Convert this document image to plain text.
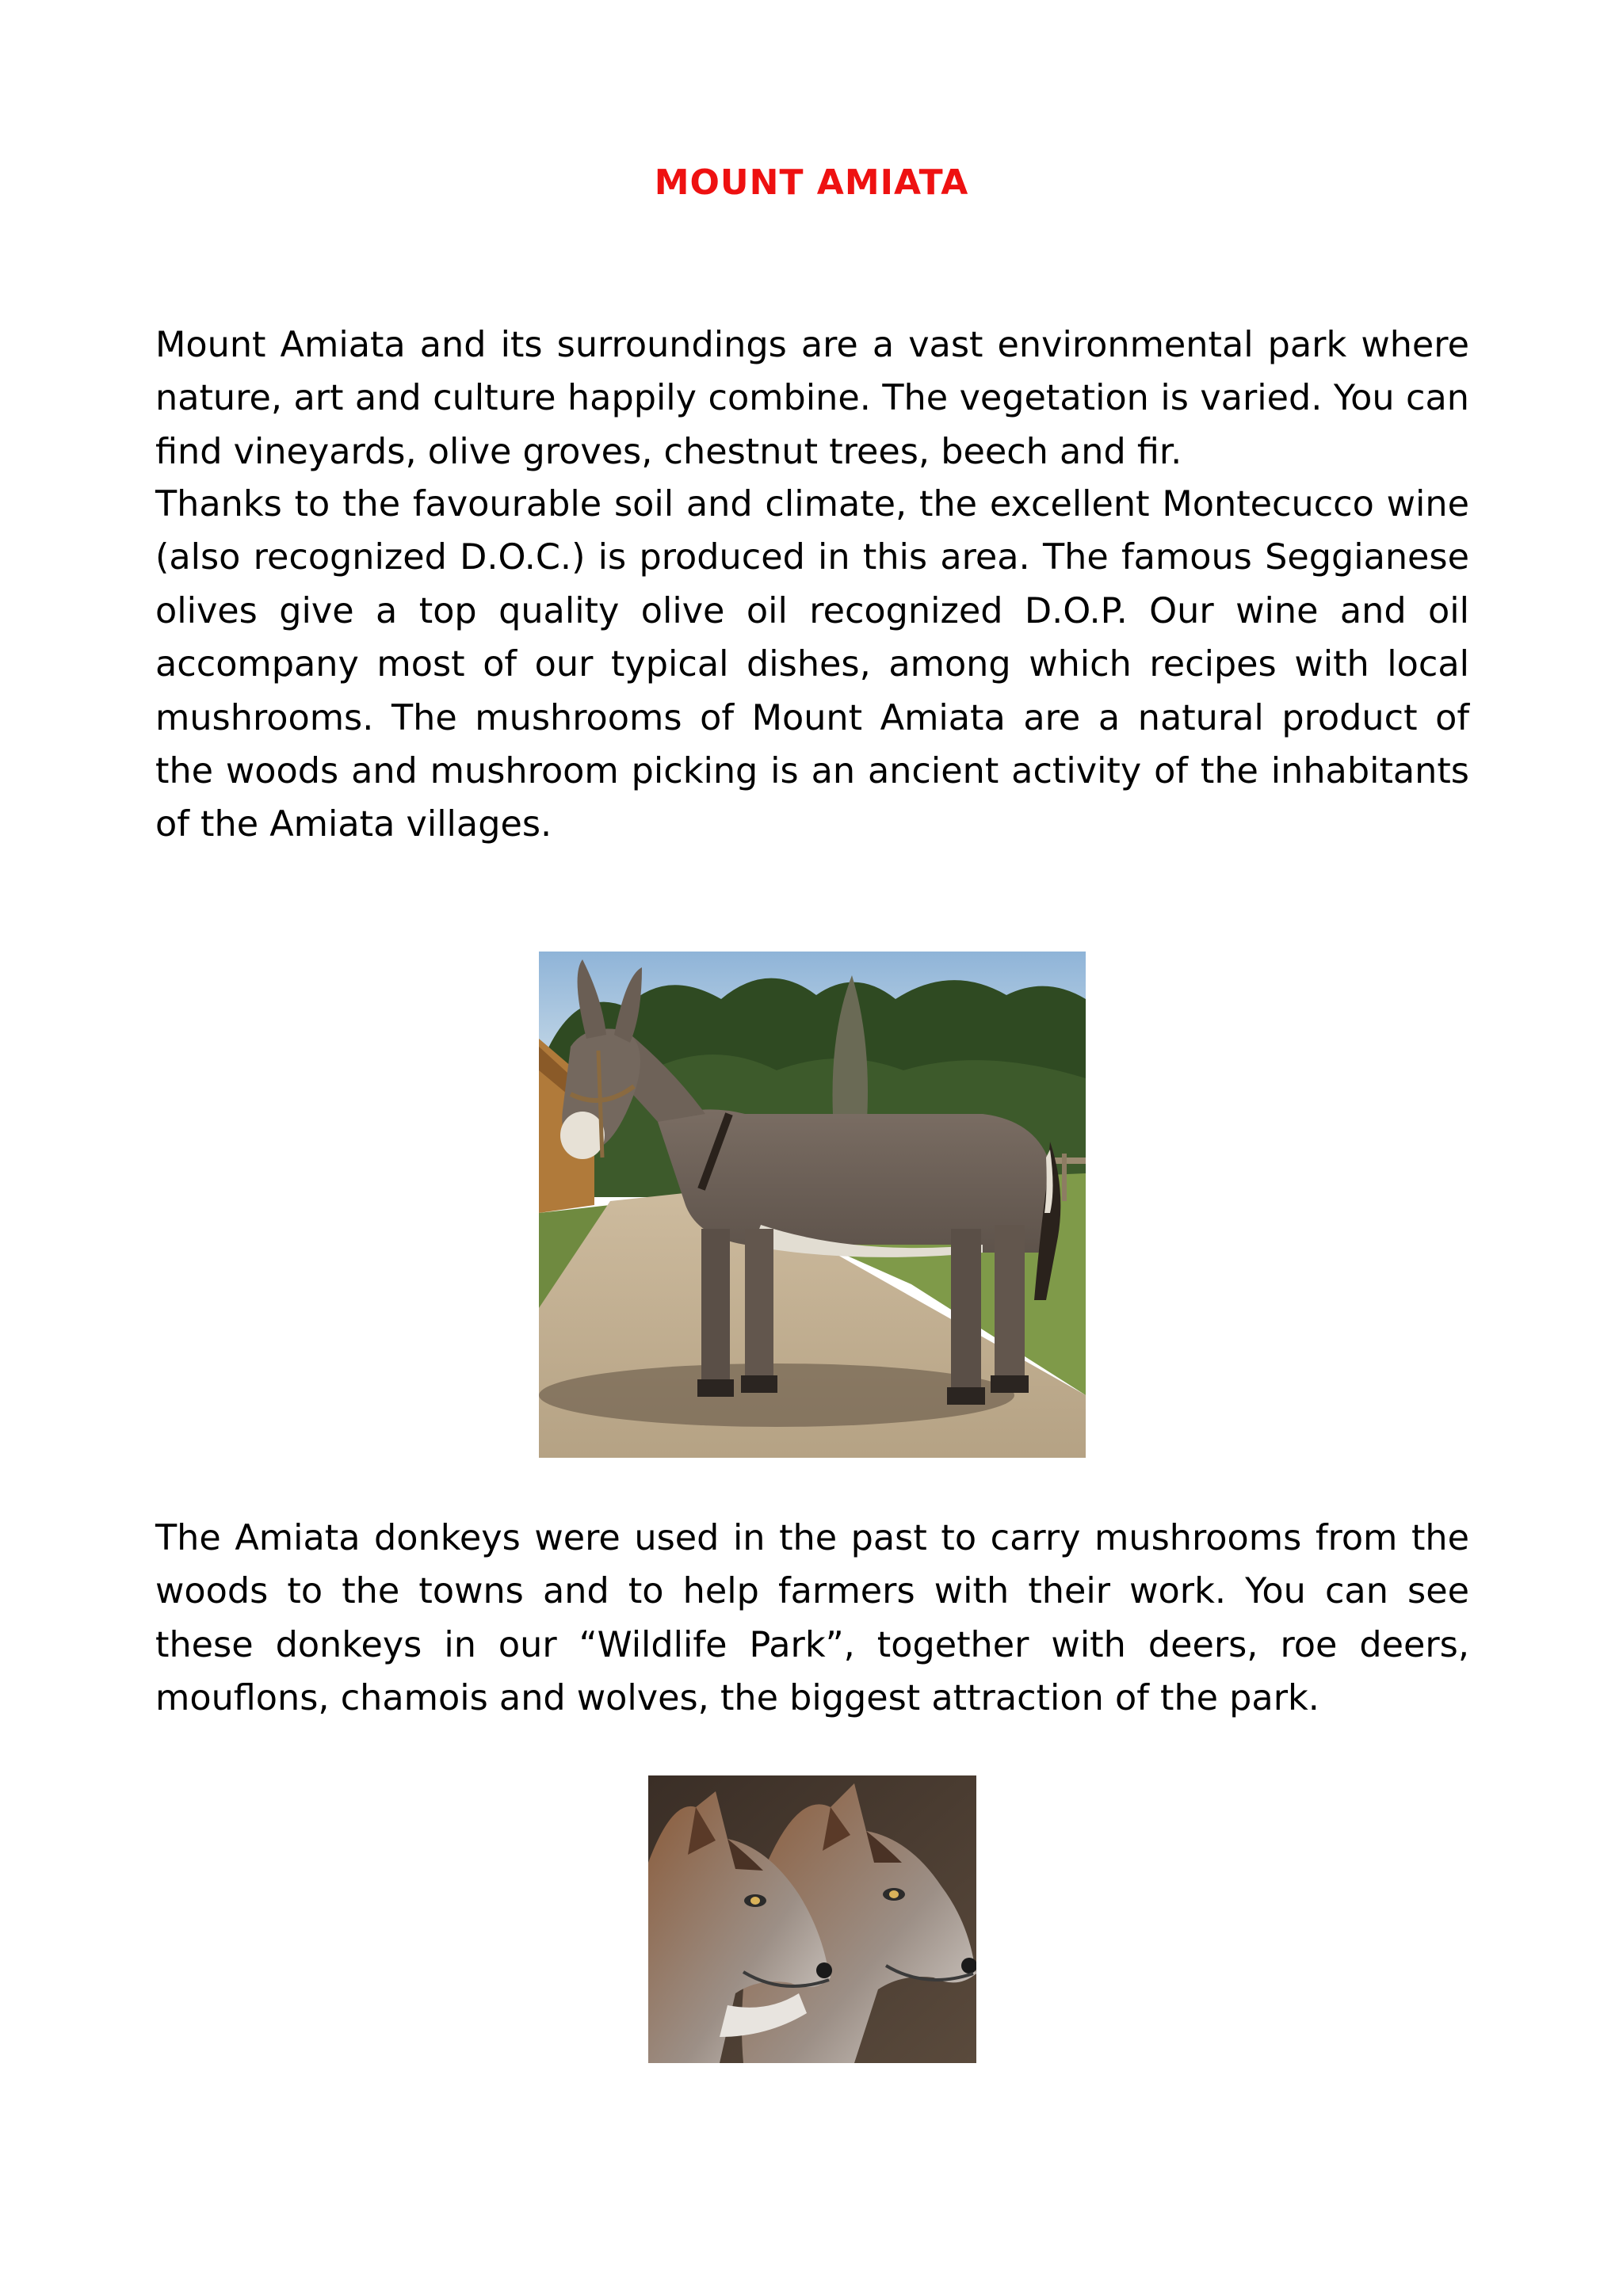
MOUNT AMIATA
Mount Amiata and its surroundings are a vast environmental park where
nature, art and culture happily combine. The vegetation is varied. You can
find vineyards, olive groves, chestnut trees, beech and fir.
Thanks to the favourable soil and climate, the excellent Montecucco wine
(also recognized D.O.C.) is produced in this area. The famous Seggianese
olives give a top quality olive oil recognized D.O.P. Our wine and oil
accompany most of our typical dishes, among which recipes with local
mushrooms. The mushrooms of Mount Amiata are a natural product of
the woods and mushroom picking is an ancient activity of the inhabitants
of the Amiata villages.
The Amiata donkeys were used in the past to carry mushrooms from the
woods to the towns and to help farmers with their work. You can see
these donkeys in our “Wildlife Park”, together with deers, roe deers,
mouflons, chamois and wolves, the biggest attraction of the park.
